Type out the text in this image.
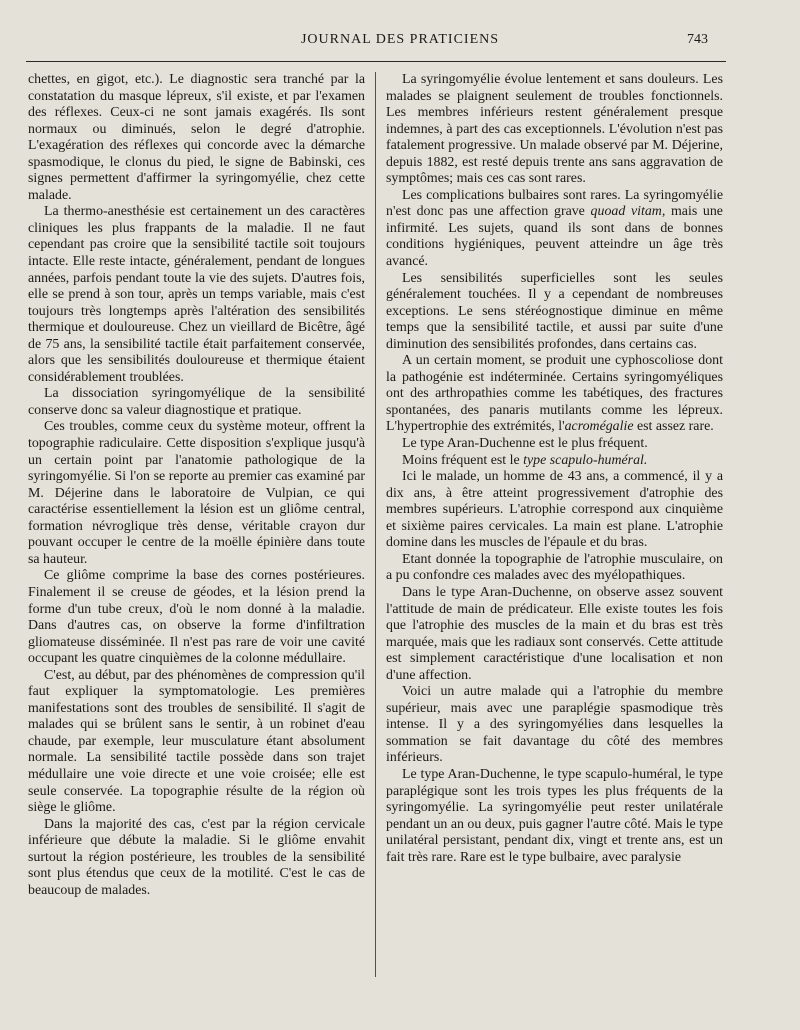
JOURNAL DES PRATICIENS	743

chettes, en gigot, etc.). Le diagnostic sera tranché par la constatation du masque lépreux, s'il existe, et par l'examen des réflexes. Ceux-ci ne sont jamais exagérés. Ils sont normaux ou diminués, selon le degré d'atrophie. L'exagération des réflexes qui concorde avec la démarche spasmodique, le clonus du pied, le signe de Babinski, ces signes permettent d'affirmer la syringomyélie, chez cette malade.

La thermo-anesthésie est certainement un des caractères cliniques les plus frappants de la maladie. Il ne faut cependant pas croire que la sensibilité tactile soit toujours intacte. Elle reste intacte, généralement, pendant de longues années, parfois pendant toute la vie des sujets. D'autres fois, elle se prend à son tour, après un temps variable, mais c'est toujours très longtemps après l'altération des sensibilités thermique et douloureuse. Chez un vieillard de Bicêtre, âgé de 75 ans, la sensibilité tactile était parfaitement conservée, alors que les sensibilités douloureuse et thermique étaient considérablement troublées.

La dissociation syringomyélique de la sensibilité conserve donc sa valeur diagnostique et pratique.

Ces troubles, comme ceux du système moteur, offrent la topographie radiculaire. Cette disposition s'explique jusqu'à un certain point par l'anatomie pathologique de la syringomyélie. Si l'on se reporte au premier cas examiné par M. Déjerine dans le laboratoire de Vulpian, ce qui caractérise essentiellement la lésion est un gliôme central, formation névroglique très dense, véritable crayon dur pouvant occuper le centre de la moëlle épinière dans toute sa hauteur.

Ce gliôme comprime la base des cornes postérieures. Finalement il se creuse de géodes, et la lésion prend la forme d'un tube creux, d'où le nom donné à la maladie. Dans d'autres cas, on observe la forme d'infiltration gliomateuse disséminée. Il n'est pas rare de voir une cavité occupant les quatre cinquièmes de la colonne médullaire.

C'est, au début, par des phénomènes de compression qu'il faut expliquer la symptomatologie. Les premières manifestations sont des troubles de sensibilité. Il s'agit de malades qui se brûlent sans le sentir, à un robinet d'eau chaude, par exemple, leur musculature étant absolument normale. La sensibilité tactile possède dans son trajet médullaire une voie directe et une voie croisée; elle est seule conservée. La topographie résulte de la région où siège le gliôme.

Dans la majorité des cas, c'est par la région cervicale inférieure que débute la maladie. Si le gliôme envahit surtout la région postérieure, les troubles de la sensibilité sont plus étendus que ceux de la motilité. C'est le cas de beaucoup de malades.

La syringomyélie évolue lentement et sans douleurs. Les malades se plaignent seulement de troubles fonctionnels. Les membres inférieurs restent généralement presque indemnes, à part des cas exceptionnels. L'évolution n'est pas fatalement progressive. Un malade observé par M. Déjerine, depuis 1882, est resté depuis trente ans sans aggravation de symptômes; mais ces cas sont rares.

Les complications bulbaires sont rares. La syringomyélie n'est donc pas une affection grave quoad vitam, mais une infirmité. Les sujets, quand ils sont dans de bonnes conditions hygiéniques, peuvent atteindre un âge très avancé.

Les sensibilités superficielles sont les seules généralement touchées. Il y a cependant de nombreuses exceptions. Le sens stéréognostique diminue en même temps que la sensibilité tactile, et aussi par suite d'une diminution des sensibilités profondes, dans certains cas.

A un certain moment, se produit une cyphoscoliose dont la pathogénie est indéterminée. Certains syringomyéliques ont des arthropathies comme les tabétiques, des fractures spontanées, des panaris mutilants comme les lépreux. L'hypertrophie des extrémités, l'acromégalie est assez rare.

Le type Aran-Duchenne est le plus fréquent.

Moins fréquent est le type scapulo-huméral.

Ici le malade, un homme de 43 ans, a commencé, il y a dix ans, à être atteint progressivement d'atrophie des membres supérieurs. L'atrophie correspond aux cinquième et sixième paires cervicales. La main est plane. L'atrophie domine dans les muscles de l'épaule et du bras.

Etant donnée la topographie de l'atrophie musculaire, on a pu confondre ces malades avec des myélopathiques.

Dans le type Aran-Duchenne, on observe assez souvent l'attitude de main de prédicateur. Elle existe toutes les fois que l'atrophie des muscles de la main et du bras est très marquée, mais que les radiaux sont conservés. Cette attitude est simplement caractéristique d'une localisation et non d'une affection.

Voici un autre malade qui a l'atrophie du membre supérieur, mais avec une paraplégie spasmodique très intense. Il y a des syringomyélies dans lesquelles la sommation se fait davantage du côté des membres inférieurs.

Le type Aran-Duchenne, le type scapulo-huméral, le type paraplégique sont les trois types les plus fréquents de la syringomyélie. La syringomyélie peut rester unilatérale pendant un an ou deux, puis gagner l'autre côté. Mais le type unilatéral persistant, pendant dix, vingt et trente ans, est un fait très rare. Rare est le type bulbaire, avec paralysie
